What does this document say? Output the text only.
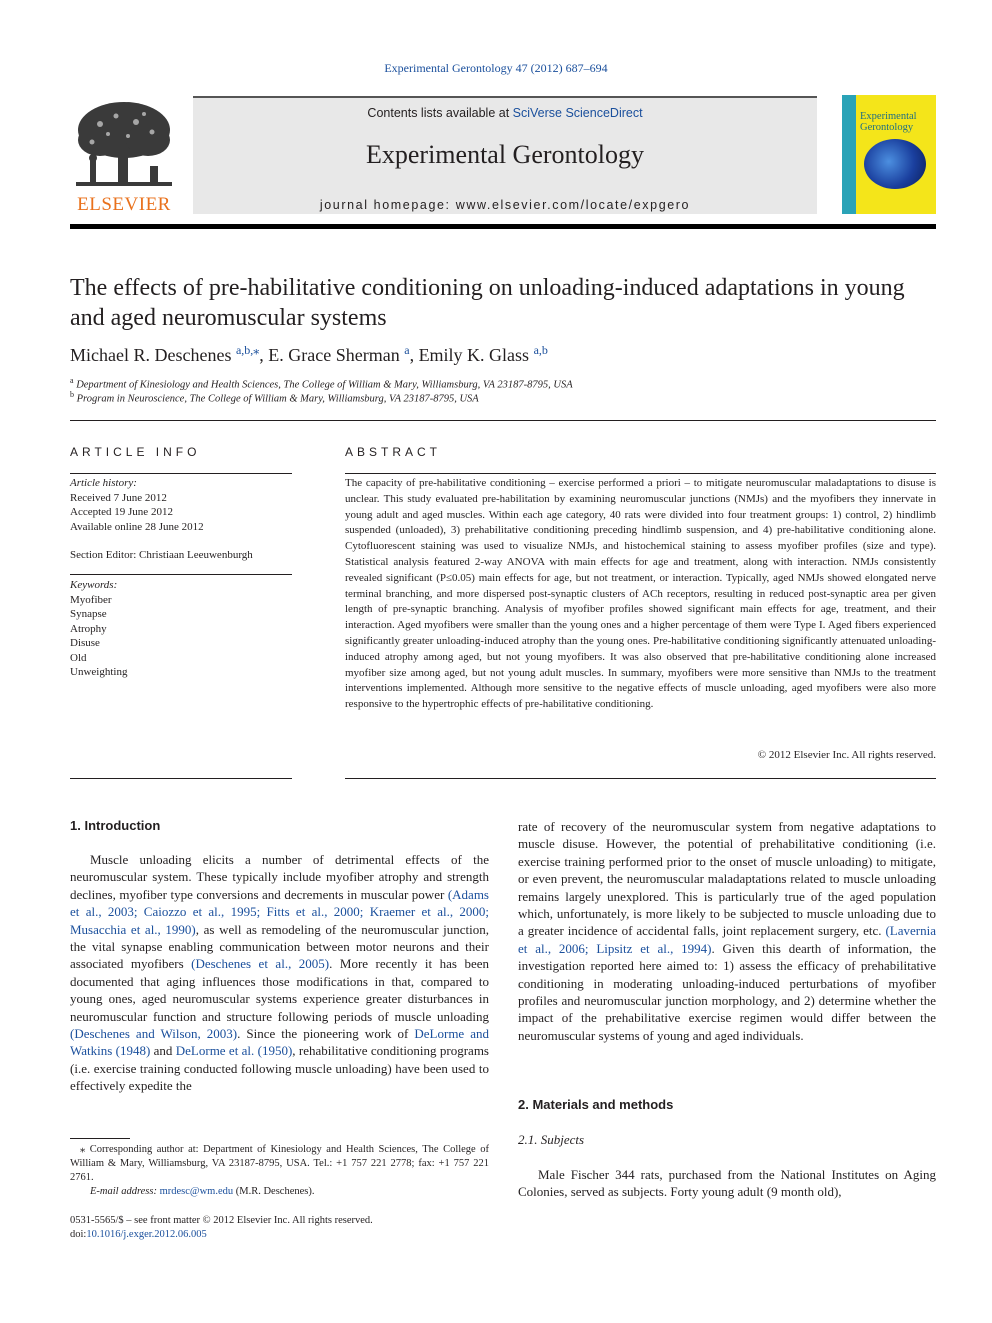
Experimental Gerontology 47 (2012) 687–694
ELSEVIER
Contents lists available at SciVerse ScienceDirect
Experimental Gerontology
journal homepage: www.elsevier.com/locate/expgero
Experimental
Gerontology
The effects of pre-habilitative conditioning on unloading-induced adaptations in young and aged neuromuscular systems
Michael R. Deschenes $^{a,b,⁎}$, E. Grace Sherman $^a$, Emily K. Glass $^{a,b}$
$^a$ Department of Kinesiology and Health Sciences, The College of William & Mary, Williamsburg, VA 23187-8795, USA
$^b$ Program in Neuroscience, The College of William & Mary, Williamsburg, VA 23187-8795, USA
ARTICLE INFO
Article history:
Received 7 June 2012
Accepted 19 June 2012
Available online 28 June 2012
Section Editor: Christiaan Leeuwenburgh
Keywords:
Myofiber
Synapse
Atrophy
Disuse
Old
Unweighting
ABSTRACT
The capacity of pre-habilitative conditioning – exercise performed a priori – to mitigate neuromuscular maladaptations to disuse is unclear. This study evaluated pre-habilitation by examining neuromuscular junctions (NMJs) and the myofibers they innervate in young adult and aged muscles. Within each age category, 40 rats were divided into four treatment groups: 1) control, 2) hindlimb suspended (unloaded), 3) prehabilitative conditioning preceding hindlimb suspension, and 4) pre-habilitative conditioning alone. Cytofluorescent staining was used to visualize NMJs, and histochemical staining to assess myofiber profiles (size and type). Statistical analysis featured 2-way ANOVA with main effects for age and treatment, along with interaction. NMJs consistently revealed significant (P≤0.05) main effects for age, but not treatment, or interaction. Typically, aged NMJs showed elongated nerve terminal branching, and more dispersed post-synaptic clusters of ACh receptors, resulting in reduced post-synaptic area per given length of pre-synaptic branching. Analysis of myofiber profiles showed significant main effects for age, treatment, and their interaction. Aged myofibers were smaller than the young ones and a higher percentage of them were Type I. Aged fibers experienced significantly greater unloading-induced atrophy than the young ones. Pre-habilitative conditioning significantly attenuated unloading-induced atrophy among aged, but not young myofibers. It was also observed that pre-habilitative conditioning alone increased myofiber size among aged, but not young adult muscles. In summary, myofibers were more sensitive than NMJs to the treatment interventions implemented. Although more sensitive to the negative effects of muscle unloading, aged myofibers were also more responsive to the hypertrophic effects of pre-habilitative conditioning.
© 2012 Elsevier Inc. All rights reserved.
1. Introduction
Muscle unloading elicits a number of detrimental effects of the neuromuscular system. These typically include myofiber atrophy and strength declines, myofiber type conversions and decrements in muscular power (Adams et al., 2003; Caiozzo et al., 1995; Fitts et al., 2000; Kraemer et al., 2000; Musacchia et al., 1990), as well as remodeling of the neuromuscular junction, the vital synapse enabling communication between motor neurons and their associated myofibers (Deschenes et al., 2005). More recently it has been documented that aging influences those modifications in that, compared to young ones, aged neuromuscular systems experience greater disturbances in neuromuscular function and structure following periods of muscle unloading (Deschenes and Wilson, 2003). Since the pioneering work of DeLorme and Watkins (1948) and DeLorme et al. (1950), rehabilitative conditioning programs (i.e. exercise training conducted following muscle unloading) have been used to effectively expedite the
⁎ Corresponding author at: Department of Kinesiology and Health Sciences, The College of William & Mary, Williamsburg, VA 23187-8795, USA. Tel.: +1 757 221 2778; fax: +1 757 221 2761.
E-mail address: mrdesc@wm.edu (M.R. Deschenes).
0531-5565/$ – see front matter © 2012 Elsevier Inc. All rights reserved.
doi:10.1016/j.exger.2012.06.005
rate of recovery of the neuromuscular system from negative adaptations to muscle disuse. However, the potential of prehabilitative conditioning (i.e. exercise training performed prior to the onset of muscle unloading) to mitigate, or even prevent, the neuromuscular maladaptations related to muscle unloading remains largely unexplored. This is particularly true of the aged population which, unfortunately, is more likely to be subjected to muscle unloading due to a greater incidence of accidental falls, joint replacement surgery, etc. (Lavernia et al., 2006; Lipsitz et al., 1994). Given this dearth of information, the investigation reported here aimed to: 1) assess the efficacy of prehabilitative conditioning in moderating unloading-induced perturbations of myofiber profiles and neuromuscular junction morphology, and 2) determine whether the impact of the prehabilitative exercise regimen would differ between the neuromuscular systems of young and aged individuals.
2. Materials and methods
2.1. Subjects
Male Fischer 344 rats, purchased from the National Institutes on Aging Colonies, served as subjects. Forty young adult (9 month old),
